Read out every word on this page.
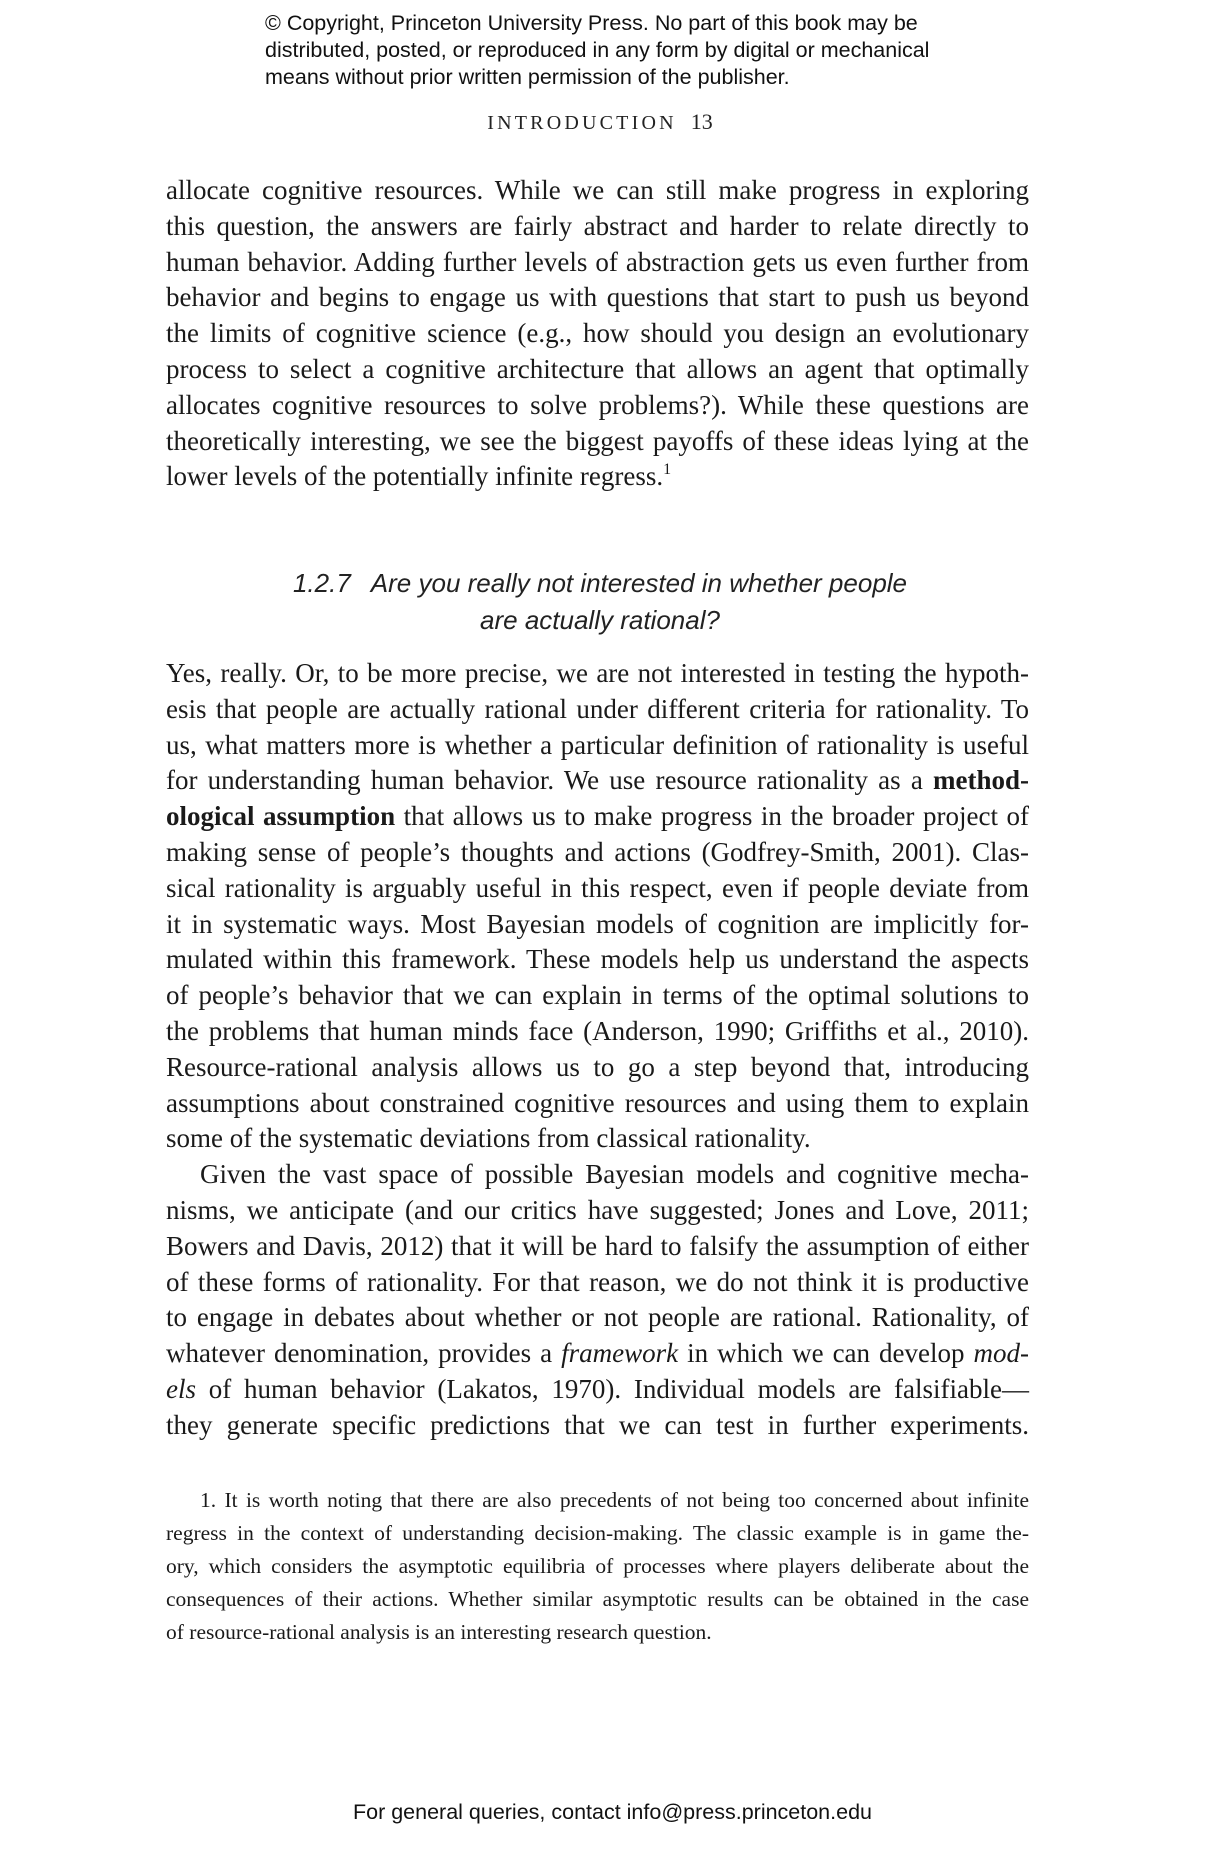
© Copyright, Princeton University Press. No part of this book may be
distributed, posted, or reproduced in any form by digital or mechanical
means without prior written permission of the publisher.
INTRODUCTION 13
allocate cognitive resources. While we can still make progress in exploring
this question, the answers are fairly abstract and harder to relate directly to
human behavior. Adding further levels of abstraction gets us even further from
behavior and begins to engage us with questions that start to push us beyond
the limits of cognitive science (e.g., how should you design an evolutionary
process to select a cognitive architecture that allows an agent that optimally
allocates cognitive resources to solve problems?). While these questions are
theoretically interesting, we see the biggest payoffs of these ideas lying at the
lower levels of the potentially infinite regress.$^1$
1.2.7 Are you really not interested in whether people
are actually rational?
Yes, really. Or, to be more precise, we are not interested in testing the hypoth-
esis that people are actually rational under different criteria for rationality. To
us, what matters more is whether a particular definition of rationality is useful
for understanding human behavior. We use resource rationality as a method-
ological assumption that allows us to make progress in the broader project of
making sense of people’s thoughts and actions (Godfrey-Smith, 2001). Clas-
sical rationality is arguably useful in this respect, even if people deviate from
it in systematic ways. Most Bayesian models of cognition are implicitly for-
mulated within this framework. These models help us understand the aspects
of people’s behavior that we can explain in terms of the optimal solutions to
the problems that human minds face (Anderson, 1990; Griffiths et al., 2010).
Resource-rational analysis allows us to go a step beyond that, introducing
assumptions about constrained cognitive resources and using them to explain
some of the systematic deviations from classical rationality.
Given the vast space of possible Bayesian models and cognitive mecha-
nisms, we anticipate (and our critics have suggested; Jones and Love, 2011;
Bowers and Davis, 2012) that it will be hard to falsify the assumption of either
of these forms of rationality. For that reason, we do not think it is productive
to engage in debates about whether or not people are rational. Rationality, of
whatever denomination, provides a framework in which we can develop mod-
els of human behavior (Lakatos, 1970). Individual models are falsifiable—
they generate specific predictions that we can test in further experiments.
1. It is worth noting that there are also precedents of not being too concerned about infinite
regress in the context of understanding decision-making. The classic example is in game the-
ory, which considers the asymptotic equilibria of processes where players deliberate about the
consequences of their actions. Whether similar asymptotic results can be obtained in the case
of resource-rational analysis is an interesting research question.
For general queries, contact info@press.princeton.edu
